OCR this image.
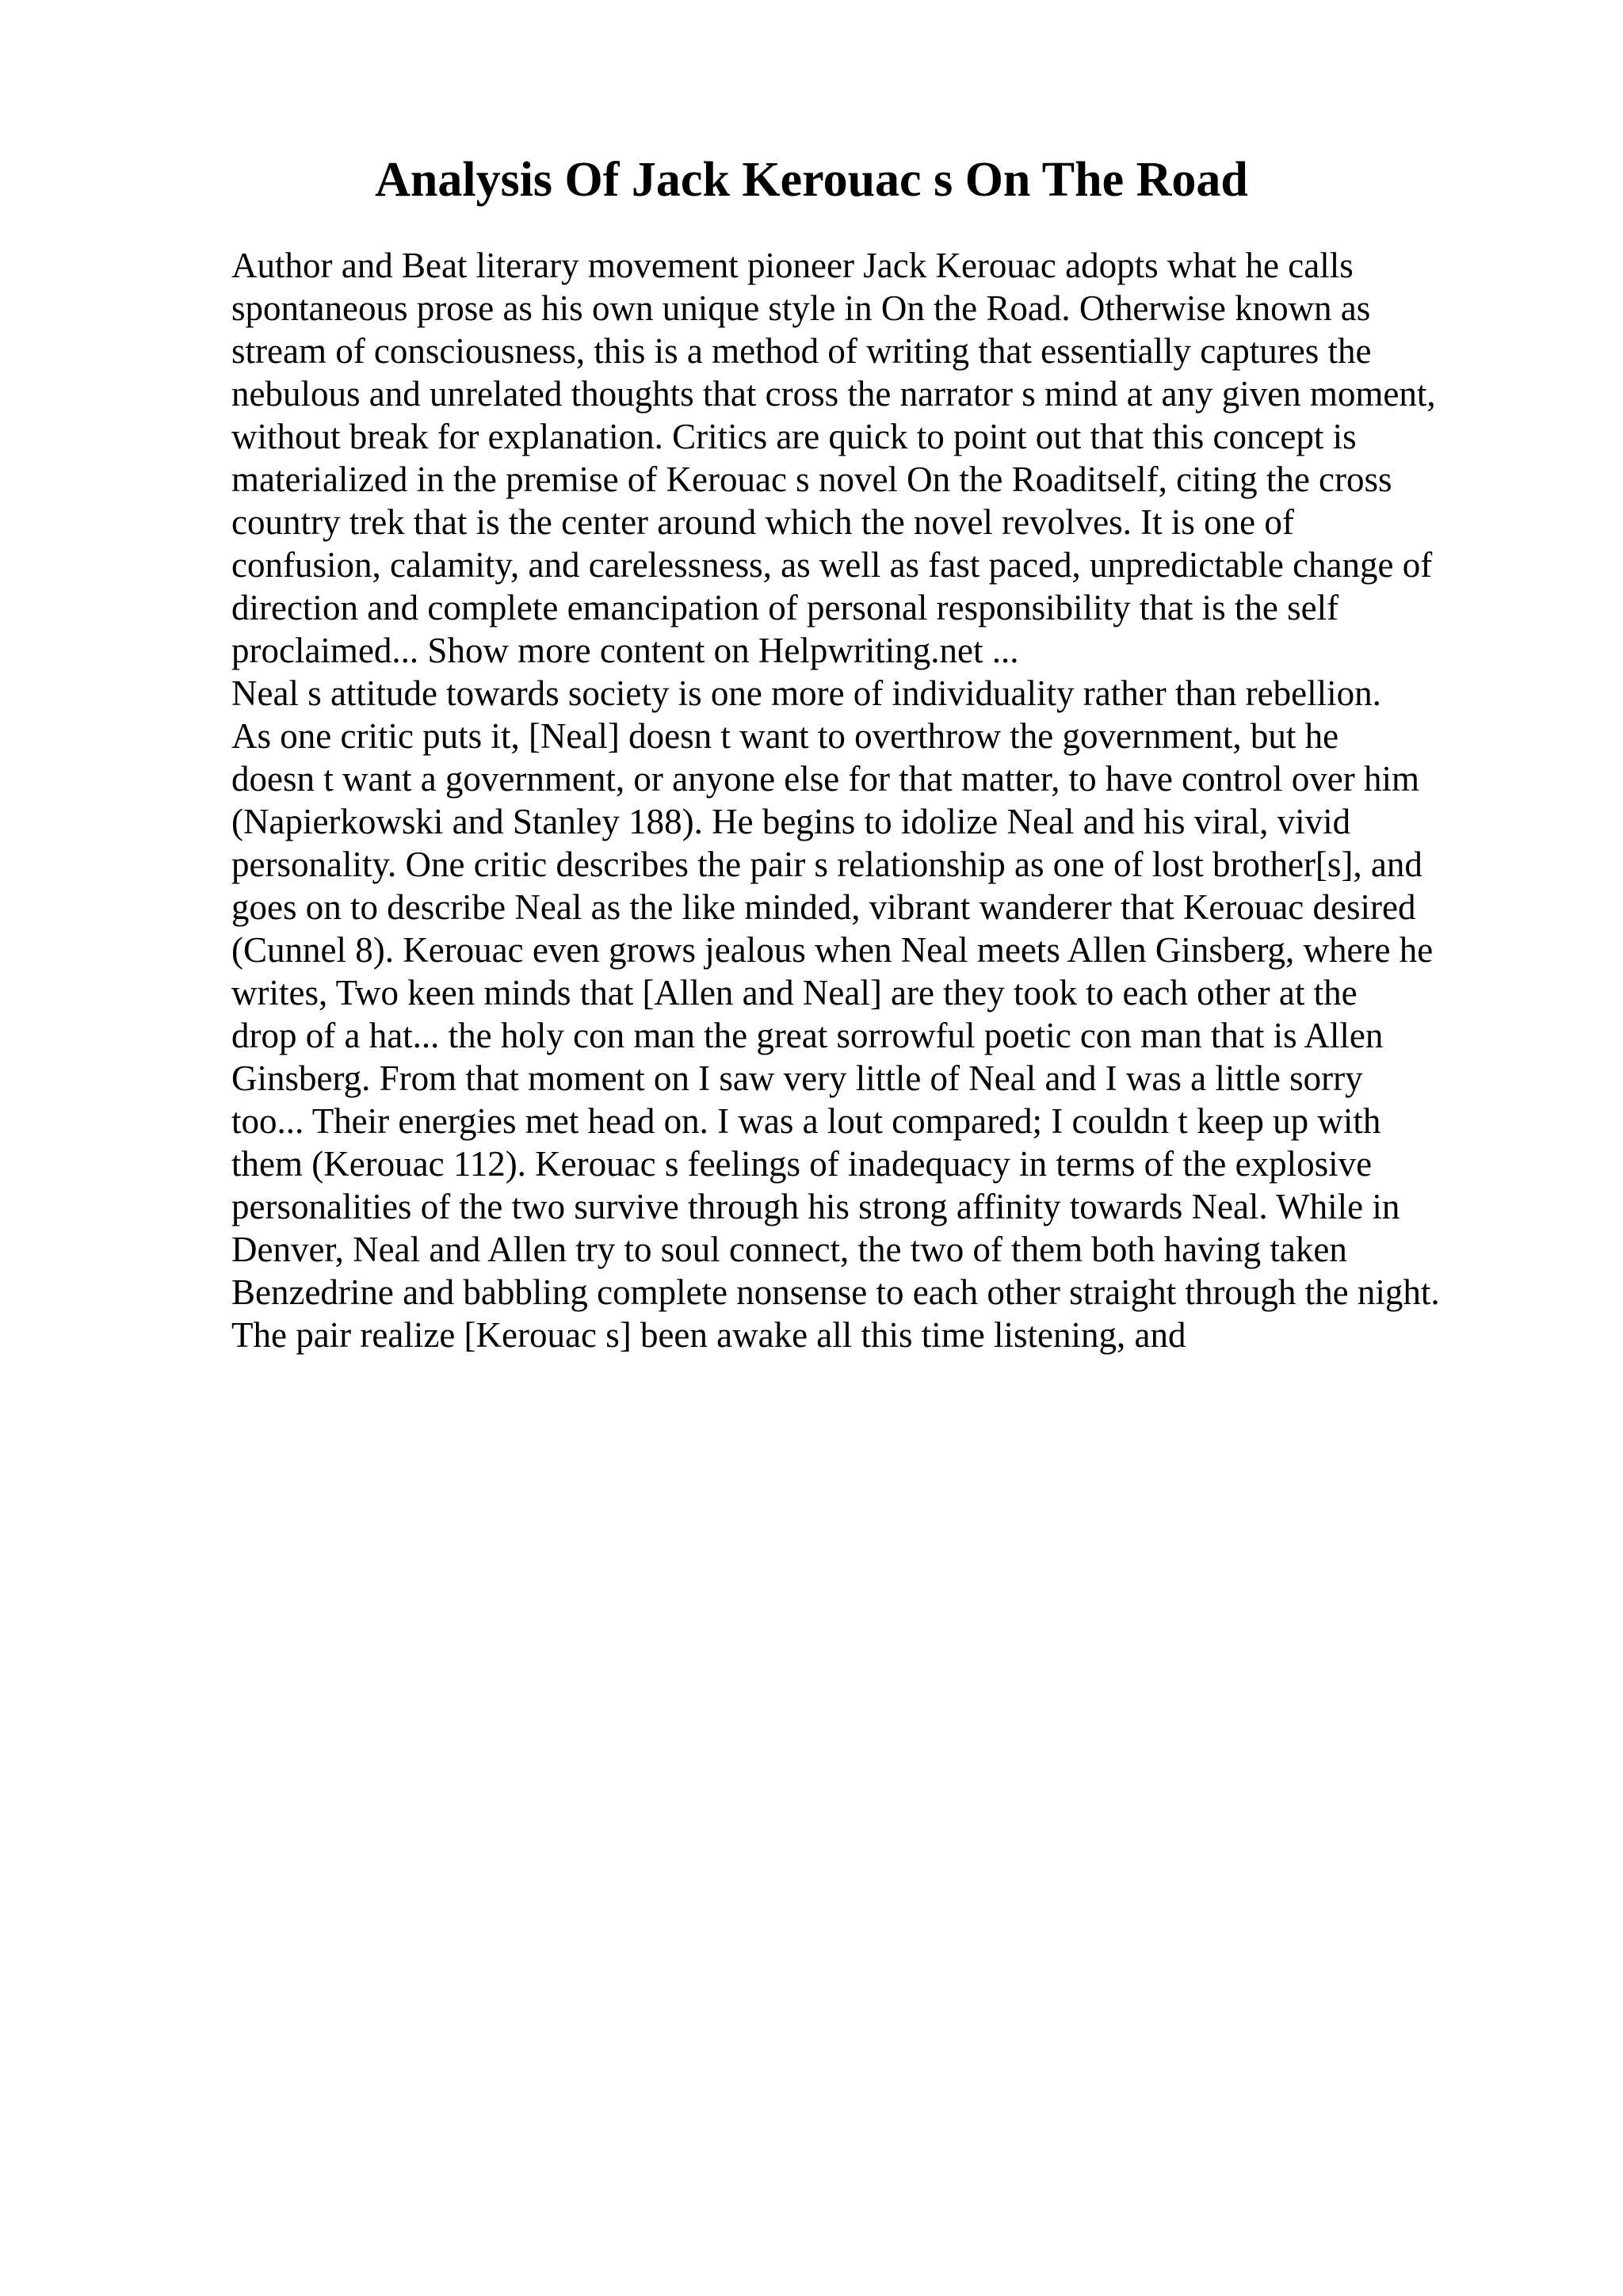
Analysis Of Jack Kerouac s On The Road

Author and Beat literary movement pioneer Jack Kerouac adopts what he calls
spontaneous prose as his own unique style in On the Road. Otherwise known as
stream of consciousness, this is a method of writing that essentially captures the
nebulous and unrelated thoughts that cross the narrator s mind at any given moment,
without break for explanation. Critics are quick to point out that this concept is
materialized in the premise of Kerouac s novel On the Roaditself, citing the cross
country trek that is the center around which the novel revolves. It is one of
confusion, calamity, and carelessness, as well as fast paced, unpredictable change of
direction and complete emancipation of personal responsibility that is the self
proclaimed... Show more content on Helpwriting.net ...

Neal s attitude towards society is one more of individuality rather than rebellion.
As one critic puts it, [Neal] doesn t want to overthrow the government, but he
doesn t want a government, or anyone else for that matter, to have control over him
(Napierkowski and Stanley 188). He begins to idolize Neal and his viral, vivid
personality. One critic describes the pair s relationship as one of lost brother[s], and
goes on to describe Neal as the like minded, vibrant wanderer that Kerouac desired
(Cunnel 8). Kerouac even grows jealous when Neal meets Allen Ginsberg, where he
writes, Two keen minds that [Allen and Neal] are they took to each other at the
drop of a hat... the holy con man the great sorrowful poetic con man that is Allen
Ginsberg. From that moment on I saw very little of Neal and I was a little sorry
too... Their energies met head on. I was a lout compared; I couldn t keep up with
them (Kerouac 112). Kerouac s feelings of inadequacy in terms of the explosive
personalities of the two survive through his strong affinity towards Neal. While in
Denver, Neal and Allen try to soul connect, the two of them both having taken
Benzedrine and babbling complete nonsense to each other straight through the night.
The pair realize [Kerouac s] been awake all this time listening, and
